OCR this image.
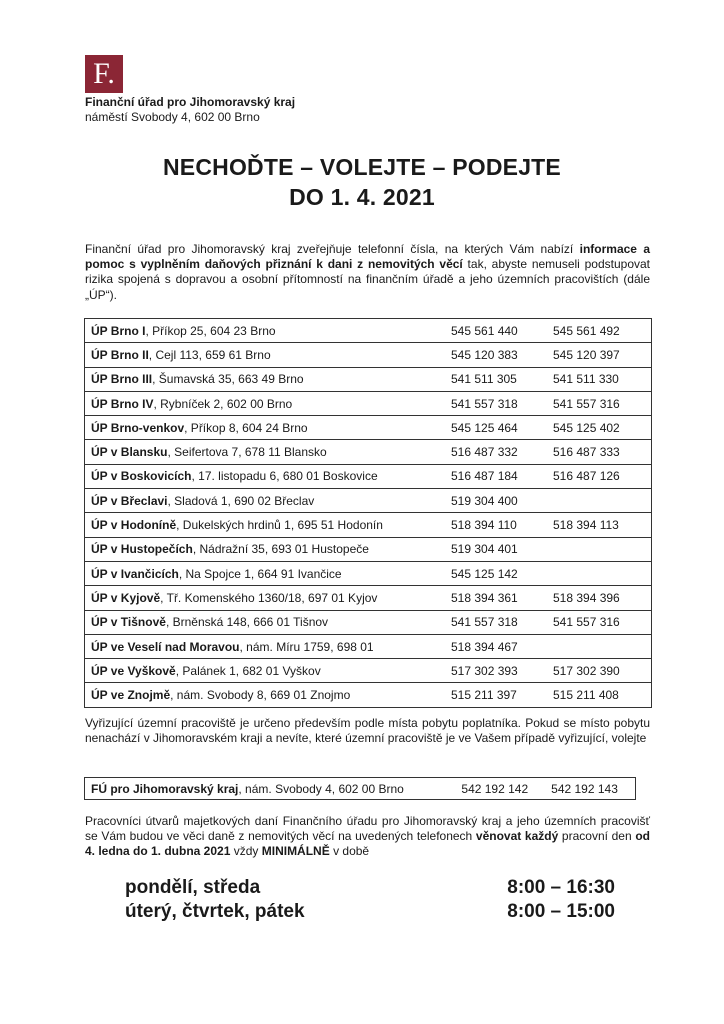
F.
Finanční úřad pro Jihomoravský kraj
náměstí Svobody 4, 602 00 Brno
NECHOĎTE – VOLEJTE – PODEJTE
DO 1. 4. 2021
Finanční úřad pro Jihomoravský kraj zveřejňuje telefonní čísla, na kterých Vám nabízí informace a pomoc s vyplněním daňových přiznání k dani z nemovitých věcí tak, abyste nemuseli podstupovat rizika spojená s dopravou a osobní přítomností na finančním úřadě a jeho územních pracovištích (dále „ÚP“).
ÚP Brno I, Příkop 25, 604 23 Brno	545 561 440	545 561 492
ÚP Brno II, Cejl 113, 659 61 Brno	545 120 383	545 120 397
ÚP Brno III, Šumavská 35, 663 49 Brno	541 511 305	541 511 330
ÚP Brno IV, Rybníček 2, 602 00 Brno	541 557 318	541 557 316
ÚP Brno-venkov, Příkop 8, 604 24 Brno	545 125 464	545 125 402
ÚP v Blansku, Seifertova 7, 678 11 Blansko	516 487 332	516 487 333
ÚP v Boskovicích, 17. listopadu 6, 680 01 Boskovice	516 487 184	516 487 126
ÚP v Břeclavi, Sladová 1, 690 02 Břeclav	519 304 400	
ÚP v Hodoníně, Dukelských hrdinů 1, 695 51 Hodonín	518 394 110	518 394 113
ÚP v Hustopečích, Nádražní 35, 693 01 Hustopeče	519 304 401	
ÚP v Ivančicích, Na Spojce 1, 664 91 Ivančice	545 125 142	
ÚP v Kyjově, Tř. Komenského 1360/18, 697 01 Kyjov	518 394 361	518 394 396
ÚP v Tišnově, Brněnská 148, 666 01 Tišnov	541 557 318	541 557 316
ÚP ve Veselí nad Moravou, nám. Míru 1759, 698 01	518 394 467	
ÚP ve Vyškově, Palánek 1, 682 01 Vyškov	517 302 393	517 302 390
ÚP ve Znojmě, nám. Svobody 8, 669 01 Znojmo	515 211 397	515 211 408
Vyřizující územní pracoviště je určeno především podle místa pobytu poplatníka. Pokud se místo pobytu nenachází v Jihomoravském kraji a nevíte, které územní pracoviště je ve Vašem případě vyřizující, volejte
FÚ pro Jihomoravský kraj, nám. Svobody 4, 602 00 Brno	542 192 142	542 192 143
Pracovníci útvarů majetkových daní Finančního úřadu pro Jihomoravský kraj a jeho územních pracovišť se Vám budou ve věci daně z nemovitých věcí na uvedených telefonech věnovat každý pracovní den od 4. ledna do 1. dubna 2021 vždy MINIMÁLNĚ v době
pondělí, středa	8:00 – 16:30
úterý, čtvrtek, pátek	8:00 – 15:00
